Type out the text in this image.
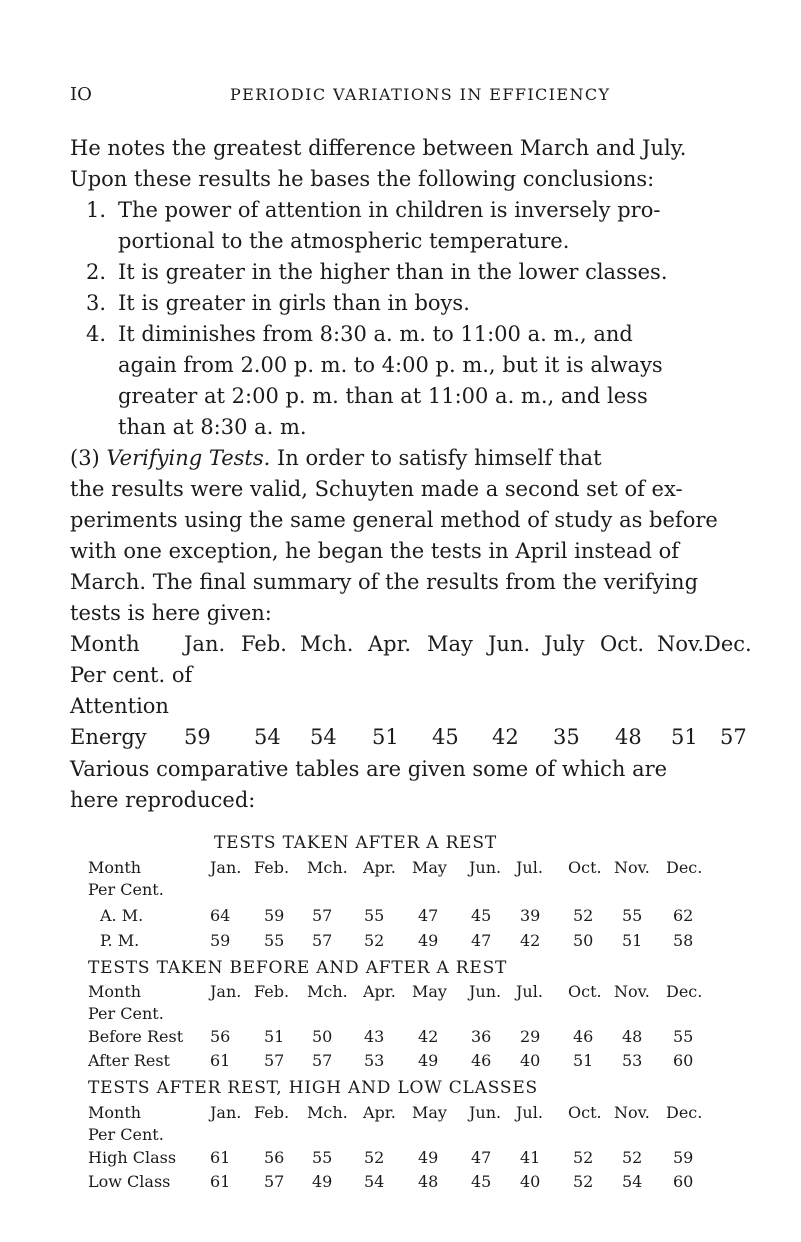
IO	PERIODIC VARIATIONS IN EFFICIENCY
He notes the greatest difference between March and July.
Upon these results he bases the following conclusions:
1. The power of attention in children is inversely pro-
portional to the atmospheric temperature.
2. It is greater in the higher than in the lower classes.
3. It is greater in girls than in boys.
4. It diminishes from 8:30 a. m. to 11:00 a. m., and
again from 2.00 p. m. to 4:00 p. m., but it is always
greater at 2:00 p. m. than at 11:00 a. m., and less
than at 8:30 a. m.
(3) Verifying Tests. In order to satisfy himself that
the results were valid, Schuyten made a second set of ex-
periments using the same general method of study as before
with one exception, he began the tests in April instead of
March. The final summary of the results from the verifying
tests is here given:
Month Jan. Feb. Mch. Apr. May Jun. July Oct. Nov. Dec.
Per cent. of
Attention
Energy 59 54 54 51 45 42 35 48 51 57
Various comparative tables are given some of which are
here reproduced:
TESTS TAKEN AFTER A REST
Month	Jan. Feb. Mch. Apr. May Jun. Jul. Oct. Nov. Dec.
Per Cent.
A. M.	64 59 57 55 47 45 39 52 55 62
P. M.	59 55 57 52 49 47 42 50 51 58
TESTS TAKEN BEFORE AND AFTER A REST
Month	Jan. Feb. Mch. Apr. May Jun. Jul. Oct. Nov. Dec.
Per Cent.
Before Rest 56 51 50 43 42 36 29 46 48 55
After Rest	61 57 57 53 49 46 40 51 53 60
TESTS AFTER REST, HIGH AND LOW CLASSES
Month	Jan. Feb. Mch. Apr. May Jun. Jul. Oct. Nov. Dec.
Per Cent.
High Class 61 56 55 52 49 47 41 52 52 59
Low Class 61 57 49 54 48 45 40 52 54 60
